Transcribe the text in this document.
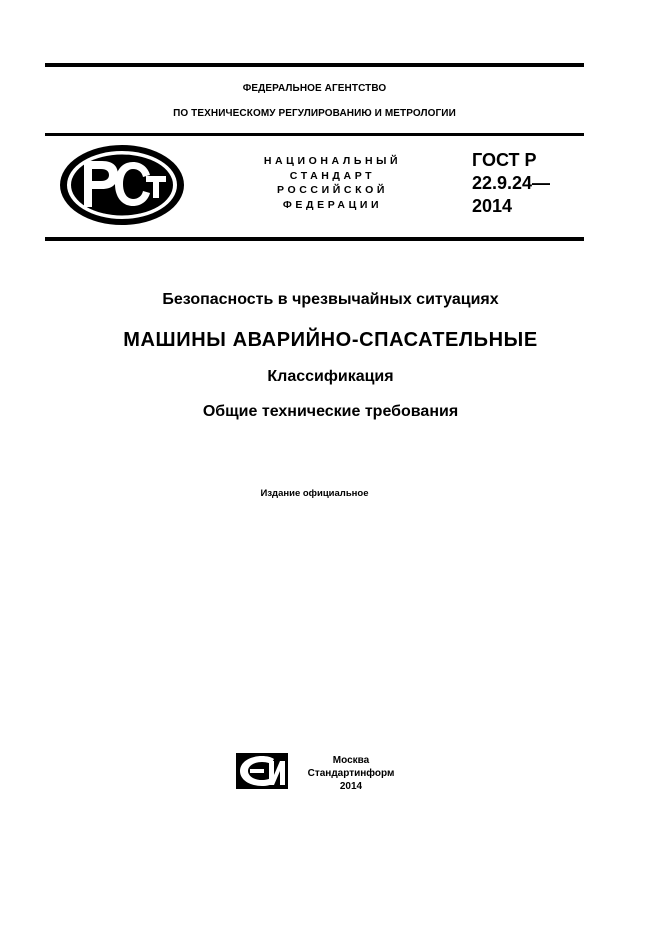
ФЕДЕРАЛЬНОЕ АГЕНТСТВО
ПО ТЕХНИЧЕСКОМУ РЕГУЛИРОВАНИЮ И МЕТРОЛОГИИ
НАЦИОНАЛЬНЫЙ
СТАНДАРТ
РОССИЙСКОЙ
ФЕДЕРАЦИИ
ГОСТ Р
22.9.24—
2014
Безопасность в чрезвычайных ситуациях
МАШИНЫ АВАРИЙНО-СПАСАТЕЛЬНЫЕ
Классификация
Общие технические требования
Издание официальное
Москва
Стандартинформ
2014
